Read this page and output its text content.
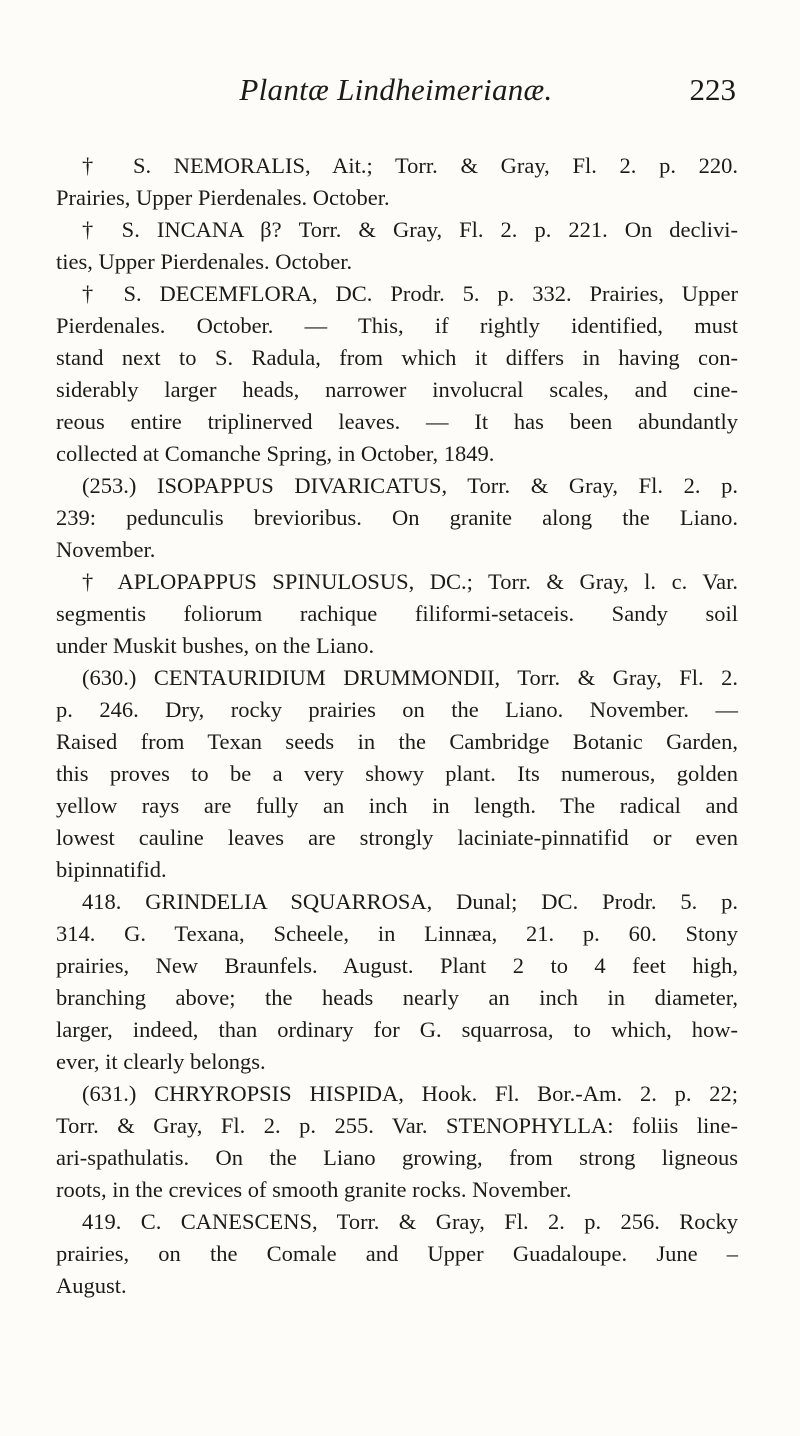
Plantæ Lindheimerianæ.	223
† S. NEMORALIS, Ait.; Torr. & Gray, Fl. 2. p. 220.
Prairies, Upper Pierdenales. October.
† S. INCANA β? Torr. & Gray, Fl. 2. p. 221. On declivi-
ties, Upper Pierdenales. October.
† S. DECEMFLORA, DC. Prodr. 5. p. 332. Prairies, Upper
Pierdenales. October. — This, if rightly identified, must
stand next to S. Radula, from which it differs in having con-
siderably larger heads, narrower involucral scales, and cine-
reous entire triplinerved leaves. — It has been abundantly
collected at Comanche Spring, in October, 1849.
(253.) ISOPAPPUS DIVARICATUS, Torr. & Gray, Fl. 2. p.
239: pedunculis brevioribus. On granite along the Liano.
November.
† APLOPAPPUS SPINULOSUS, DC.; Torr. & Gray, l. c. Var.
segmentis foliorum rachique filiformi-setaceis. Sandy soil
under Muskit bushes, on the Liano.
(630.) CENTAURIDIUM DRUMMONDII, Torr. & Gray, Fl. 2.
p. 246. Dry, rocky prairies on the Liano. November. —
Raised from Texan seeds in the Cambridge Botanic Garden,
this proves to be a very showy plant. Its numerous, golden
yellow rays are fully an inch in length. The radical and
lowest cauline leaves are strongly laciniate-pinnatifid or even
bipinnatifid.
418. GRINDELIA SQUARROSA, Dunal; DC. Prodr. 5. p.
314. G. Texana, Scheele, in Linnæa, 21. p. 60. Stony
prairies, New Braunfels. August. Plant 2 to 4 feet high,
branching above; the heads nearly an inch in diameter,
larger, indeed, than ordinary for G. squarrosa, to which, how-
ever, it clearly belongs.
(631.) CHRYROPSIS HISPIDA, Hook. Fl. Bor.-Am. 2. p. 22;
Torr. & Gray, Fl. 2. p. 255. Var. STENOPHYLLA: foliis line-
ari-spathulatis. On the Liano growing, from strong ligneous
roots, in the crevices of smooth granite rocks. November.
419. C. CANESCENS, Torr. & Gray, Fl. 2. p. 256. Rocky
prairies, on the Comale and Upper Guadaloupe. June –
August.
